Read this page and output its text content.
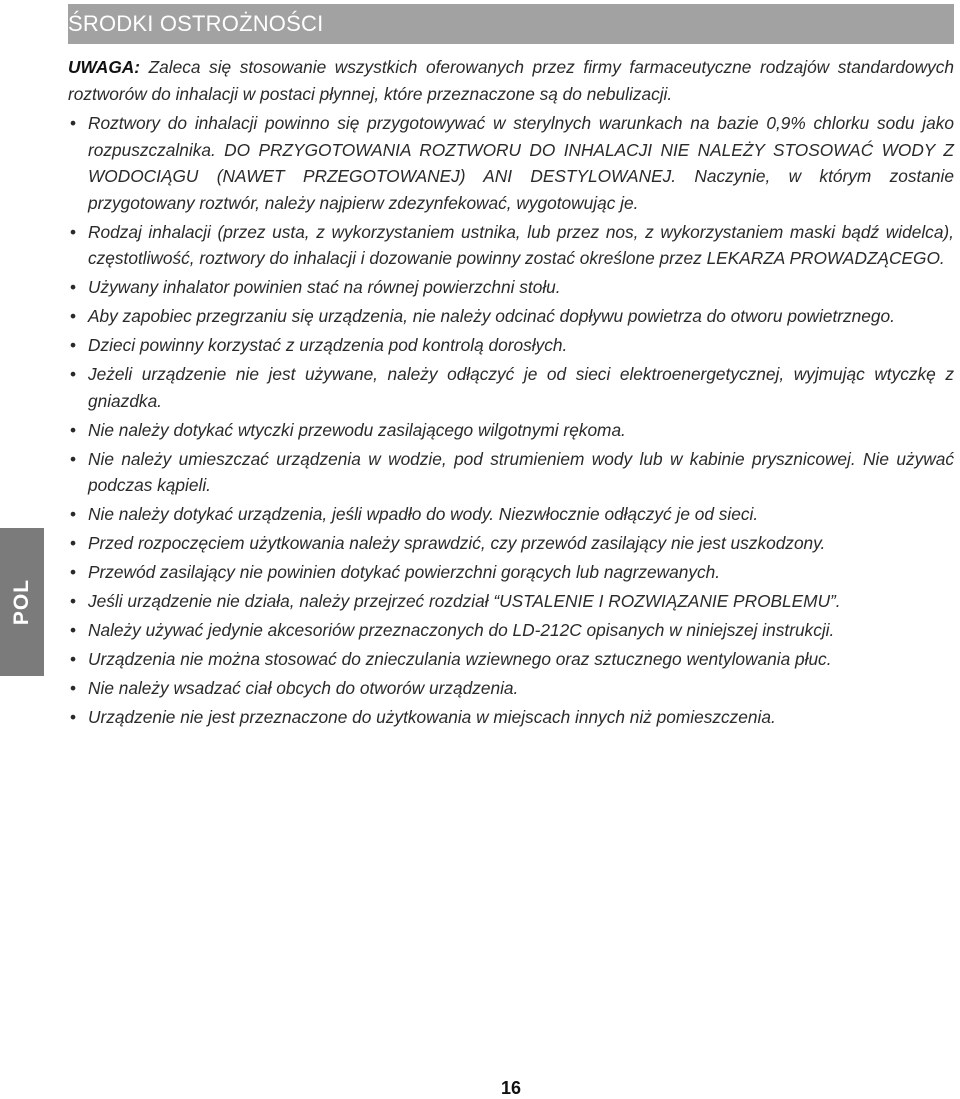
ŚRODKI OSTROŻNOŚCI
POL

UWAGA: Zaleca się stosowanie wszystkich oferowanych przez firmy farmaceutyczne rodzajów standardowych roztworów do inhalacji w postaci płynnej, które przeznaczone są do nebulizacji.

• Roztwory do inhalacji powinno się przygotowywać w sterylnych warunkach na bazie 0,9% chlorku sodu jako rozpuszczalnika. DO PRZYGOTOWANIA ROZTWORU DO INHALACJI NIE NALEŻY STOSOWAĆ WODY Z WODOCIĄGU (NAWET PRZEGOTOWANEJ) ANI DESTYLOWANEJ. Naczynie, w którym zostanie przygotowany roztwór, należy najpierw zdezynfekować, wygotowując je.
• Rodzaj inhalacji (przez usta, z wykorzystaniem ustnika, lub przez nos, z wykorzystaniem maski bądź widelca), częstotliwość, roztwory do inhalacji i dozowanie powinny zostać określone przez LEKARZA PROWADZĄCEGO.
• Używany inhalator powinien stać na równej powierzchni stołu.
• Aby zapobiec przegrzaniu się urządzenia, nie należy odcinać dopływu powietrza do otworu powietrznego.
• Dzieci powinny korzystać z urządzenia pod kontrolą dorosłych.
• Jeżeli urządzenie nie jest używane, należy odłączyć je od sieci elektroenergetycznej, wyjmując wtyczkę z gniazdka.
• Nie należy dotykać wtyczki przewodu zasilającego wilgotnymi rękoma.
• Nie należy umieszczać urządzenia w wodzie, pod strumieniem wody lub w kabinie prysznicowej. Nie używać podczas kąpieli.
• Nie należy dotykać urządzenia, jeśli wpadło do wody. Niezwłocznie odłączyć je od sieci.
• Przed rozpoczęciem użytkowania należy sprawdzić, czy przewód zasilający nie jest uszkodzony.
• Przewód zasilający nie powinien dotykać powierzchni gorących lub nagrzewanych.
• Jeśli urządzenie nie działa, należy przejrzeć rozdział “USTALENIE I ROZWIĄZANIE PROBLEMU”.
• Należy używać jedynie akcesoriów przeznaczonych do LD-212C opisanych w niniejszej instrukcji.
• Urządzenia nie można stosować do znieczulania wziewnego oraz sztucznego wentylowania płuc.
• Nie należy wsadzać ciał obcych do otworów urządzenia.
• Urządzenie nie jest przeznaczone do użytkowania w miejscach innych niż pomieszczenia.
16
